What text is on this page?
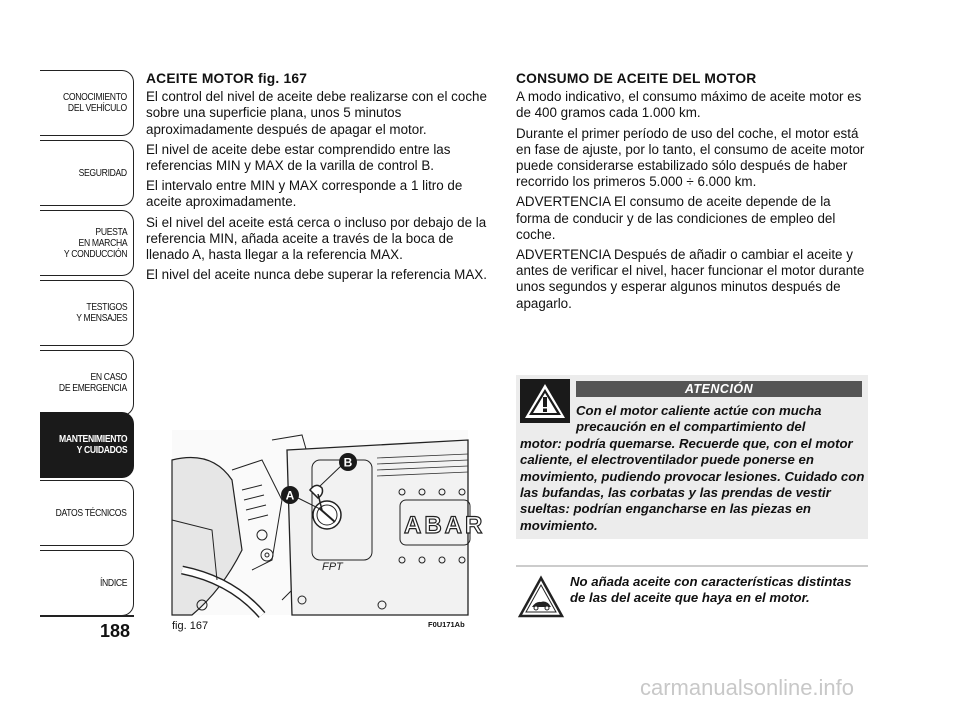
CONOCIMIENTO
DEL VEHÍCULO
SEGURIDAD
PUESTA
EN MARCHA
Y CONDUCCIÓN
TESTIGOS
Y MENSAJES
EN CASO
DE EMERGENCIA
MANTENIMIENTO
Y CUIDADOS
DATOS TÉCNICOS
ÍNDICE
188
ACEITE MOTOR fig. 167

El control del nivel de aceite debe realizarse con el coche sobre una superficie plana, unos 5 minutos aproximadamente después de apagar el motor.

El nivel de aceite debe estar comprendido entre las referencias MIN y MAX de la varilla de control B.

El intervalo entre MIN y MAX corresponde a 1 litro de aceite aproximadamente.

Si el nivel del aceite está cerca o incluso por debajo de la referencia MIN, añada aceite a través de la boca de llenado A, hasta llegar a la referencia MAX.

El nivel del aceite nunca debe superar la referencia MAX.

CONSUMO DE ACEITE DEL MOTOR

A modo indicativo, el consumo máximo de aceite motor es de 400 gramos cada 1.000 km.

Durante el primer período de uso del coche, el motor está en fase de ajuste, por lo tanto, el consumo de aceite motor puede considerarse estabilizado sólo después de haber recorrido los primeros 5.000 ÷ 6.000 km.

ADVERTENCIA El consumo de aceite depende de la forma de conducir y de las condiciones de empleo del coche.

ADVERTENCIA Después de añadir o cambiar el aceite y antes de verificar el nivel, hacer funcionar el motor durante unos segundos y esperar algunos minutos después de apagarlo.

ABAR
FPT
A
B
fig. 167	F0U171Ab
ATENCIÓN
Con el motor caliente actúe con mucha precaución en el compartimiento del
motor: podría quemarse. Recuerde que, con el motor caliente, el electroventilador puede ponerse en movimiento, pudiendo provocar lesiones. Cuidado con las bufandas, las corbatas y las prendas de vestir sueltas: podrían engancharse en las piezas en movimiento.
No añada aceite con características distintas de las del aceite que haya en el motor.
carmanualsonline.info
